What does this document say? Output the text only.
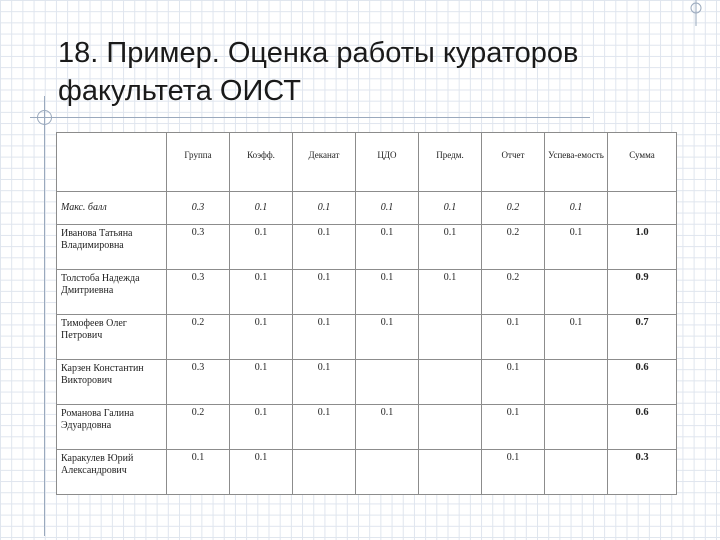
18. Пример. Оценка работы кураторов
факультета ОИСТ
	Группа	Коэфф.	Деканат	ЦДО	Предм.	Отчет	Успева-емость	Сумма
Макс. балл	0.3	0.1	0.1	0.1	0.1	0.2	0.1	
Иванова Татьяна Владимировна	0.3	0.1	0.1	0.1	0.1	0.2	0.1	1.0
Толстоба Надежда Дмитриевна	0.3	0.1	0.1	0.1	0.1	0.2		0.9
Тимофеев Олег Петрович	0.2	0.1	0.1	0.1		0.1	0.1	0.7
Карзен Константин Викторович	0.3	0.1	0.1			0.1		0.6
Романова Галина Эдуардовна	0.2	0.1	0.1	0.1		0.1		0.6
Каракулев Юрий Александрович	0.1	0.1				0.1		0.3
